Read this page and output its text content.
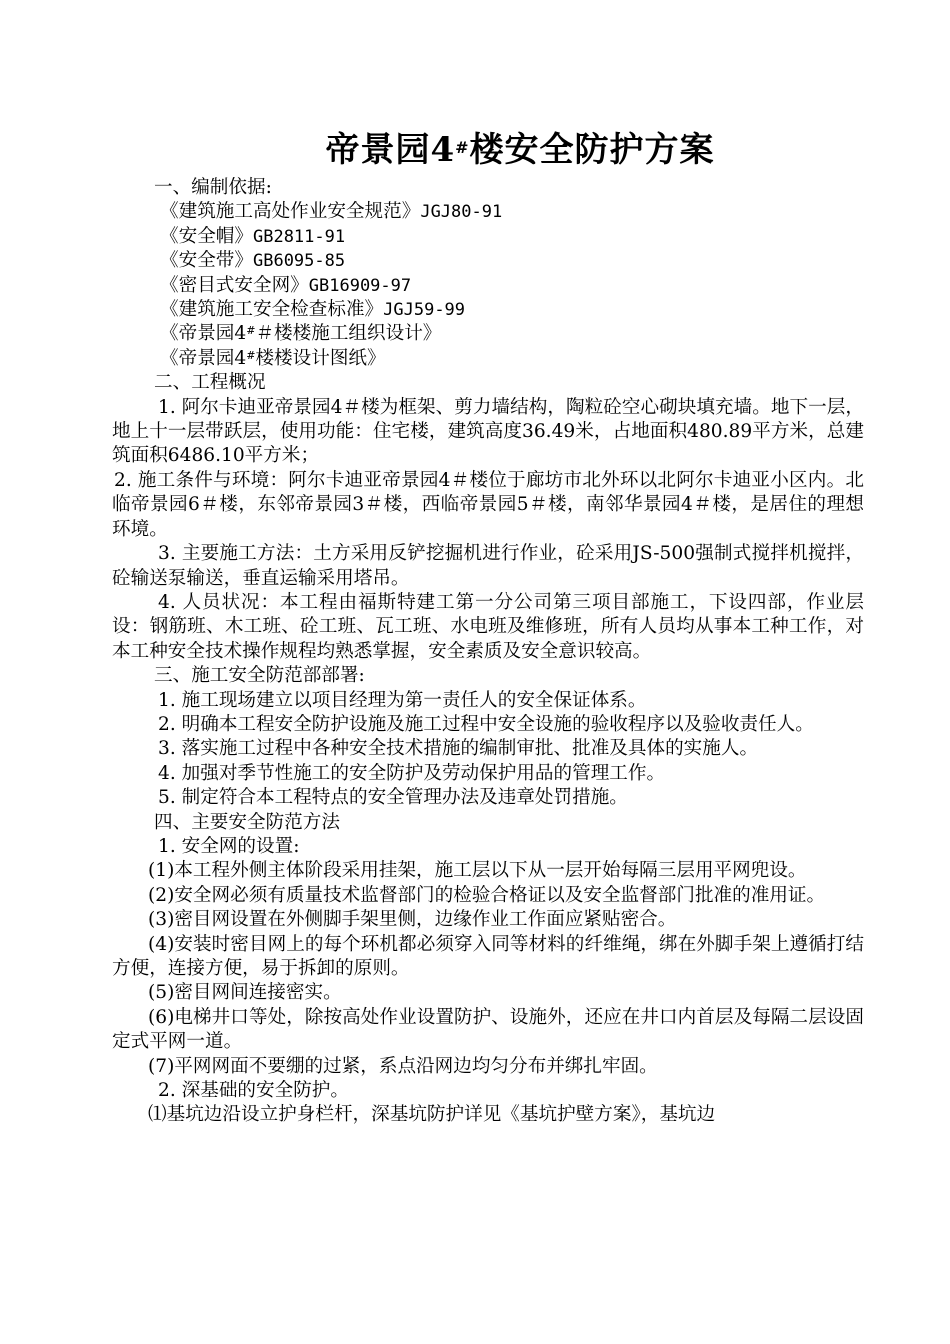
帝景园4#楼安全防护方案

一、编制依据:

《建筑施工高处作业安全规范》JGJ80-91

《安全帽》GB2811-91

《安全带》GB6095-85

《密目式安全网》GB16909-97

《建筑施工安全检查标准》JGJ59-99

《帝景园4#＃楼楼施工组织设计》

《帝景园4#楼楼设计图纸》

二、工程概况

1. 阿尔卡迪亚帝景园4＃楼为框架、剪力墙结构，陶粒砼空心砌块填充墙。地下一层，地上十一层带跃层，使用功能：住宅楼，建筑高度36.49米，占地面积480.89平方米，总建筑面积6486.10平方米；

2. 施工条件与环境：阿尔卡迪亚帝景园4＃楼位于廊坊市北外环以北阿尔卡迪亚小区内。北临帝景园6＃楼，东邻帝景园3＃楼，西临帝景园5＃楼，南邻华景园4＃楼，是居住的理想环境。

3. 主要施工方法：土方采用反铲挖掘机进行作业，砼采用JS-500强制式搅拌机搅拌，砼输送泵输送，垂直运输采用塔吊。

4. 人员状况：本工程由福斯特建工第一分公司第三项目部施工，下设四部，作业层设：钢筋班、木工班、砼工班、瓦工班、水电班及维修班，所有人员均从事本工种工作，对本工种安全技术操作规程均熟悉掌握，安全素质及安全意识较高。

三、施工安全防范部部署:

1. 施工现场建立以项目经理为第一责任人的安全保证体系。

2. 明确本工程安全防护设施及施工过程中安全设施的验收程序以及验收责任人。

3. 落实施工过程中各种安全技术措施的编制审批、批准及具体的实施人。

4. 加强对季节性施工的安全防护及劳动保护用品的管理工作。

5. 制定符合本工程特点的安全管理办法及违章处罚措施。

四、主要安全防范方法

1. 安全网的设置:

(1)本工程外侧主体阶段采用挂架，施工层以下从一层开始每隔三层用平网兜设。

(2)安全网必须有质量技术监督部门的检验合格证以及安全监督部门批准的准用证。

(3)密目网设置在外侧脚手架里侧，边缘作业工作面应紧贴密合。

(4)安装时密目网上的每个环机都必须穿入同等材料的纤维绳，绑在外脚手架上遵循打结方便，连接方便，易于拆卸的原则。

(5)密目网间连接密实。

(6)电梯井口等处，除按高处作业设置防护、设施外，还应在井口内首层及每隔二层设固定式平网一道。

(7)平网网面不要绷的过紧，系点沿网边均匀分布并绑扎牢固。

2. 深基础的安全防护。

⑴基坑边沿设立护身栏杆，深基坑防护详见《基坑护壁方案》，基坑边
